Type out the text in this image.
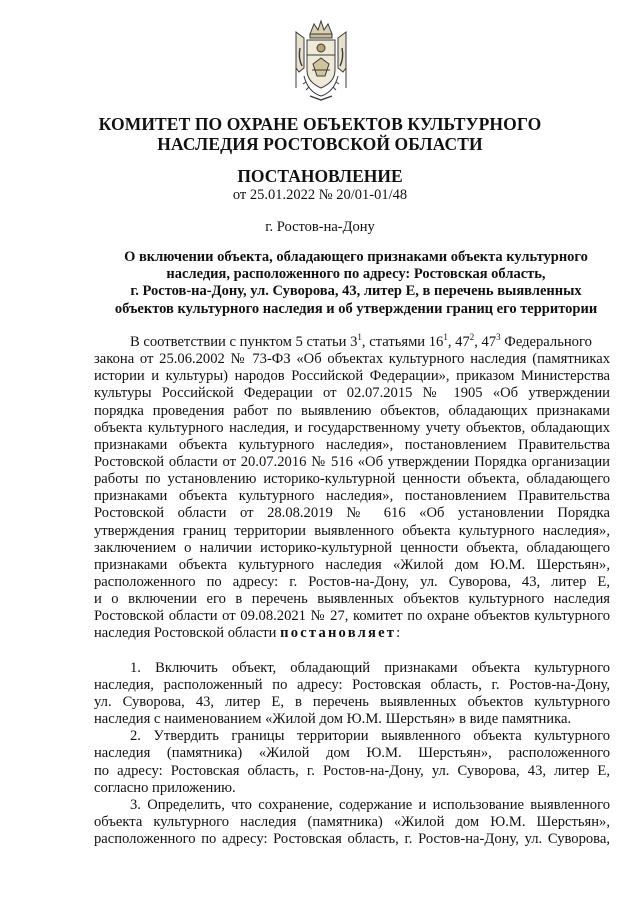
КОМИТЕТ ПО ОХРАНЕ ОБЪЕКТОВ КУЛЬТУРНОГО
НАСЛЕДИЯ РОСТОВСКОЙ ОБЛАСТИ
ПОСТАНОВЛЕНИЕ
от 25.01.2022 № 20/01-01/48
г. Ростов-на-Дону
О включении объекта, обладающего признаками объекта культурного
наследия, расположенного по адресу: Ростовская область,
г. Ростов-на-Дону, ул. Суворова, 43, литер Е, в перечень выявленных
объектов культурного наследия и об утверждении границ его территории
В соответствии с пунктом 5 статьи $3^1$, статьями $16^1$, $47^2$, $47^3$ Федерального
закона от 25.06.2002 № 73-ФЗ «Об объектах культурного наследия (памятниках
истории и культуры) народов Российской Федерации», приказом Министерства
культуры Российской Федерации от 02.07.2015 № 1905 «Об утверждении
порядка проведения работ по выявлению объектов, обладающих признаками
объекта культурного наследия, и государственному учету объектов, обладающих
признаками объекта культурного наследия», постановлением Правительства
Ростовской области от 20.07.2016 № 516 «Об утверждении Порядка организации
работы по установлению историко-культурной ценности объекта, обладающего
признаками объекта культурного наследия», постановлением Правительства
Ростовской области от 28.08.2019 № 616 «Об установлении Порядка
утверждения границ территории выявленного объекта культурного наследия»,
заключением о наличии историко-культурной ценности объекта, обладающего
признаками объекта культурного наследия «Жилой дом Ю.М. Шерстьян»,
расположенного по адресу: г. Ростов-на-Дону, ул. Суворова, 43, литер Е,
и о включении его в перечень выявленных объектов культурного наследия
Ростовской области от 09.08.2021 № 27, комитет по охране объектов культурного
наследия Ростовской области постановляет:
1. Включить объект, обладающий признаками объекта культурного
наследия, расположенный по адресу: Ростовская область, г. Ростов-на-Дону,
ул. Суворова, 43, литер Е, в перечень выявленных объектов культурного
наследия с наименованием «Жилой дом Ю.М. Шерстьян» в виде памятника.
2. Утвердить границы территории выявленного объекта культурного
наследия (памятника) «Жилой дом Ю.М. Шерстьян», расположенного
по адресу: Ростовская область, г. Ростов-на-Дону, ул. Суворова, 43, литер Е,
согласно приложению.
3. Определить, что сохранение, содержание и использование выявленного
объекта культурного наследия (памятника) «Жилой дом Ю.М. Шерстьян»,
расположенного по адресу: Ростовская область, г. Ростов-на-Дону, ул. Суворова,
